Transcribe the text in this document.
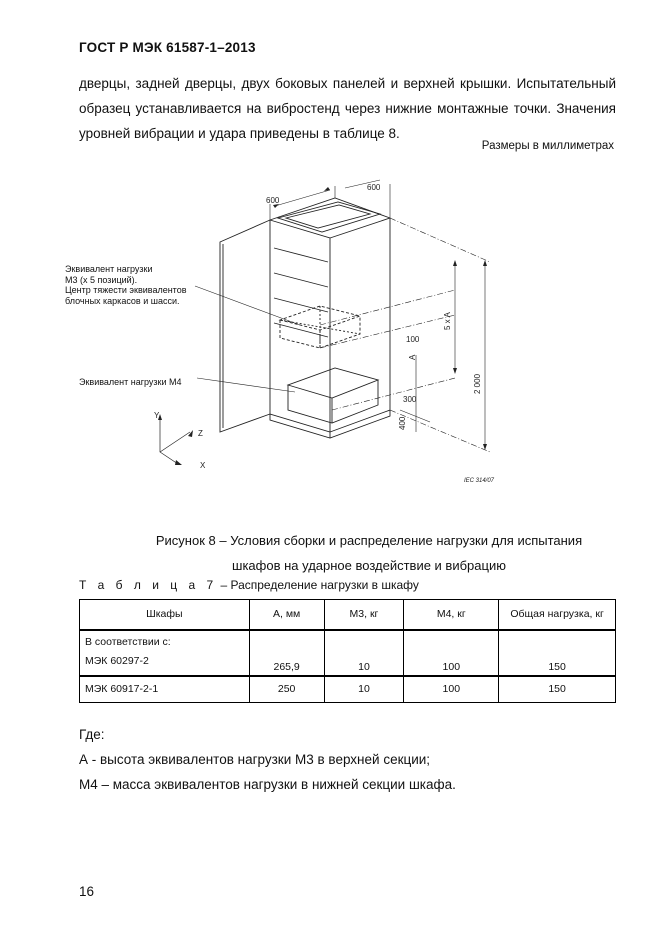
ГОСТ Р МЭК 61587-1–2013
дверцы, задней дверцы, двух боковых панелей и верхней крышки. Испытательный
образец устанавливается на вибростенд через нижние монтажные точки. Значения
уровней вибрации и удара приведены в таблице 8.
Размеры в миллиметрах
600
600
100
A
5 x A
2 000
300
400
Y
Z
X
IEC 314/07
Эквивалент нагрузки
М3 (x 5 позиций).
Центр тяжести эквивалентов
блочных каркасов и шасси.
Эквивалент нагрузки М4
Рисунок 8 – Условия сборки и распределение нагрузки для испытания
шкафов на ударное воздействие и вибрацию
Т а б л и ц а 7 – Распределение нагрузки в шкафу
Шкафы	А, мм	М3, кг	М4, кг	Общая нагрузка, кг

В соответствии с:
МЭК 60297-2	265,9	10	100	150
МЭК 60917-2-1	250	10	100	150
Где:
А - высота эквивалентов нагрузки М3 в верхней секции;
М4 – масса эквивалентов нагрузки в нижней секции шкафа.
16
